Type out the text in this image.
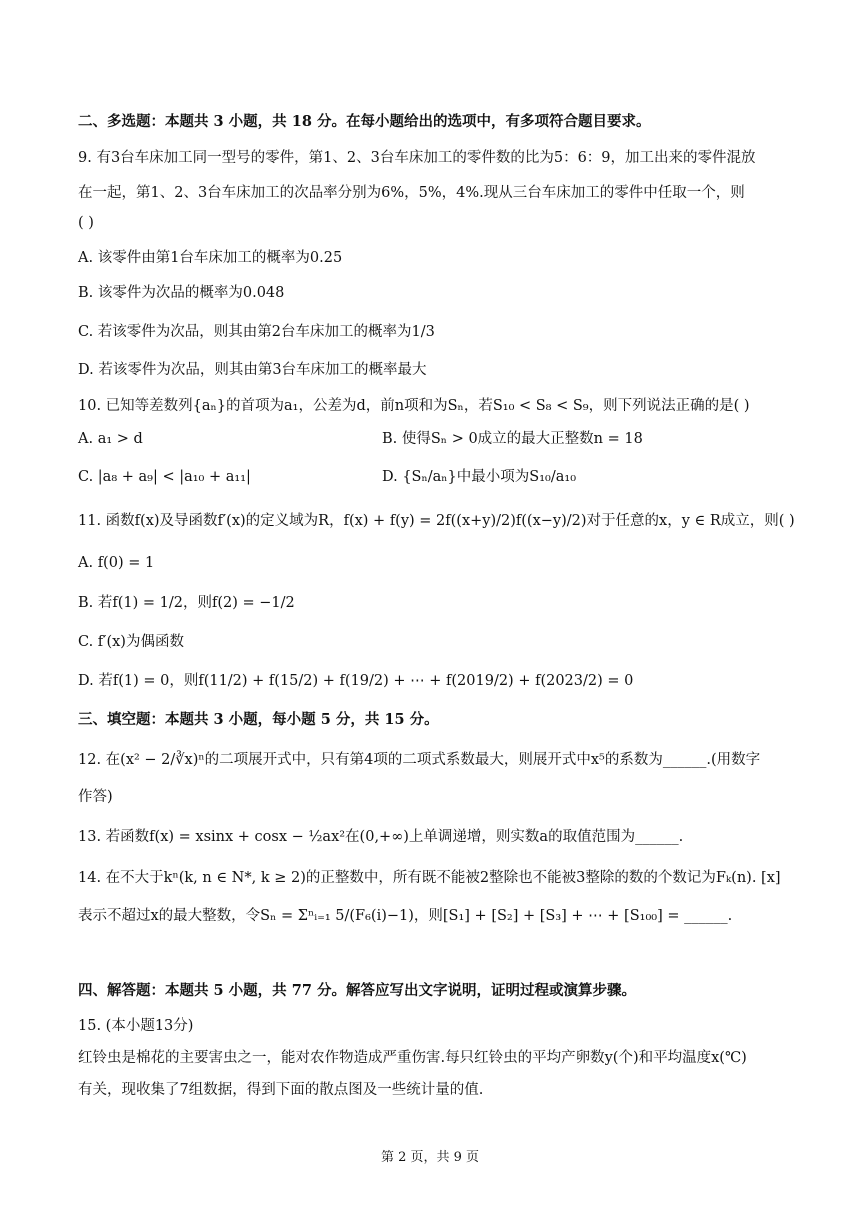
二、多选题：本题共 3 小题，共 18 分。在每小题给出的选项中，有多项符合题目要求。
9. 有3台车床加工同一型号的零件，第1、2、3台车床加工的零件数的比为5：6：9，加工出来的零件混放
在一起，第1、2、3台车床加工的次品率分别为6%，5%，4%.现从三台车床加工的零件中任取一个，则
( )
A. 该零件由第1台车床加工的概率为0.25
B. 该零件为次品的概率为0.048
C. 若该零件为次品，则其由第2台车床加工的概率为1/3
D. 若该零件为次品，则其由第3台车床加工的概率最大
10. 已知等差数列{aₙ}的首项为a₁，公差为d，前n项和为Sₙ，若S₁₀ < S₈ < S₉，则下列说法正确的是( )
A. a₁ > d	B. 使得Sₙ > 0成立的最大正整数n = 18
C. |a₈ + a₉| < |a₁₀ + a₁₁|	D. {Sₙ/aₙ}中最小项为S₁₀/a₁₀
11. 函数f(x)及导函数f′(x)的定义域为R，f(x) + f(y) = 2f((x+y)/2)f((x−y)/2)对于任意的x，y ∈ R成立，则( )
A. f(0) = 1
B. 若f(1) = 1/2，则f(2) = −1/2
C. f′(x)为偶函数
D. 若f(1) = 0，则f(11/2) + f(15/2) + f(19/2) + ⋯ + f(2019/2) + f(2023/2) = 0
三、填空题：本题共 3 小题，每小题 5 分，共 15 分。
12. 在(x² − 2/∛x)ⁿ的二项展开式中，只有第4项的二项式系数最大，则展开式中x⁵的系数为______.(用数字
作答)
13. 若函数f(x) = xsinx + cosx − ½ax²在(0,+∞)上单调递增，则实数a的取值范围为______.
14. 在不大于kⁿ(k, n ∈ N*, k ≥ 2)的正整数中，所有既不能被2整除也不能被3整除的数的个数记为Fₖ(n). [x]
表示不超过x的最大整数，令Sₙ = Σⁿᵢ₌₁ 5/(F₆(i)−1)，则[S₁] + [S₂] + [S₃] + ⋯ + [S₁₀₀] = ______.
四、解答题：本题共 5 小题，共 77 分。解答应写出文字说明，证明过程或演算步骤。
15. (本小题13分)
红铃虫是棉花的主要害虫之一，能对农作物造成严重伤害.每只红铃虫的平均产卵数y(个)和平均温度x(℃)
有关，现收集了7组数据，得到下面的散点图及一些统计量的值.
第 2 页，共 9 页
